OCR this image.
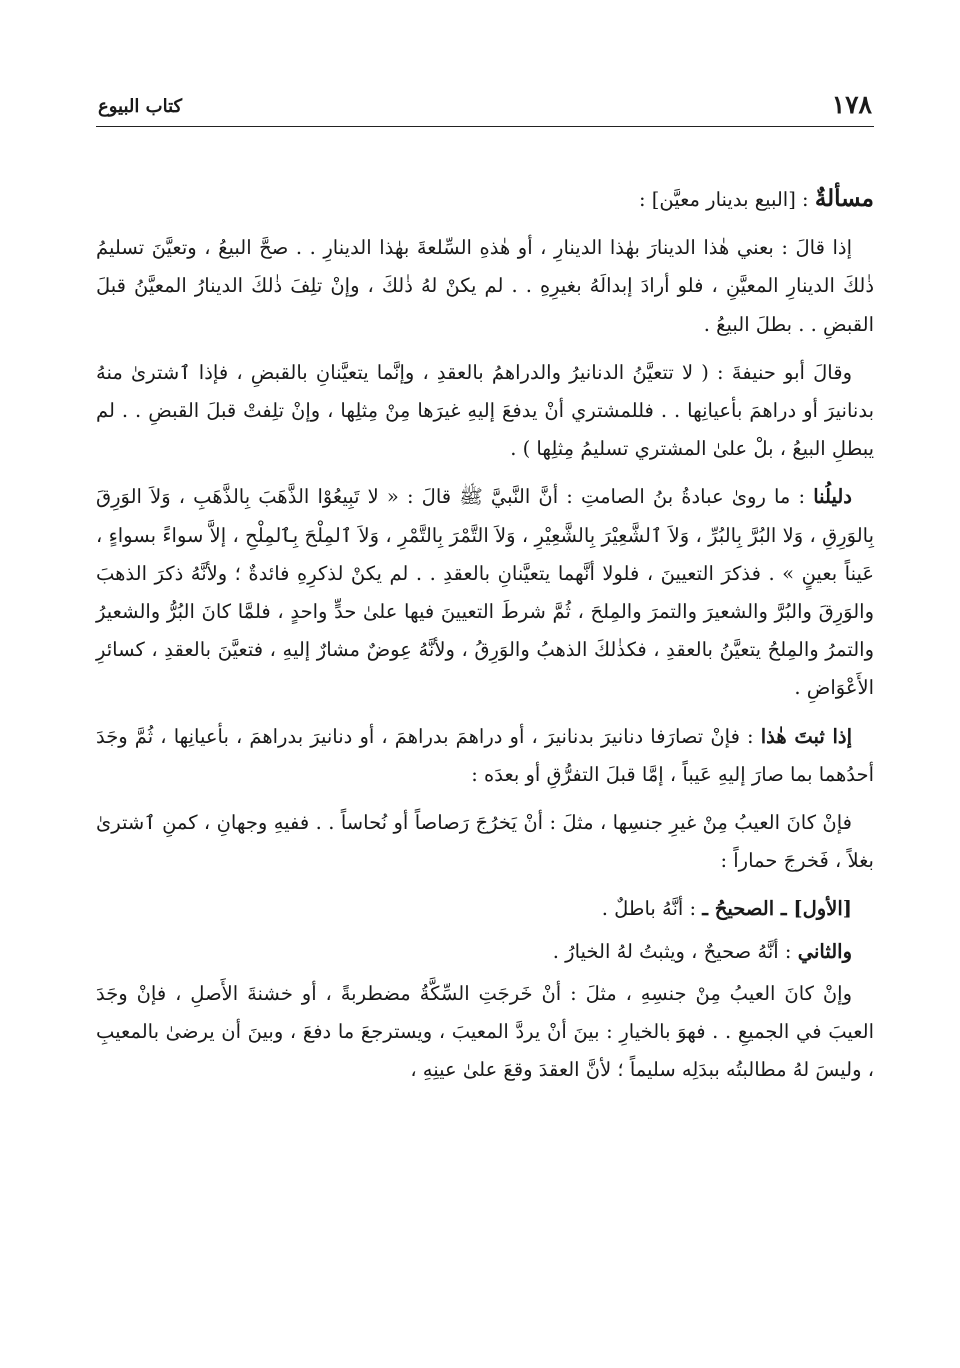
١٧٨
كتاب البيوع

مسألةٌ : [البيع بدينار معيَّن] :

إذا قالَ : بعني هٰذا الدينارَ بهٰذا الدينارِ ، أو هٰذهِ السِّلعةَ بهٰذا الدينارِ . . صحَّ البيعُ ، وتعيَّنَ تسليمُ ذٰلكَ الدينارِ المعيَّنِ ، فلو أرادَ إبدالَهُ بغيرِهِ . . لم يكنْ لهُ ذٰلكَ ، وإنْ تلِفَ ذٰلكَ الدينارُ المعيَّنُ قبلَ القبضِ . . بطلَ البيعُ .

وقالَ أبو حنيفةَ : ( لا تتعيَّنُ الدنانيرُ والدراهمُ بالعقدِ ، وإنَّما يتعيَّنانِ بالقبضِ ، فإذا ٱشترىٰ منهُ بدنانيرَ أو دراهمَ بأعيانِها . . فللمشتري أنْ يدفعَ إليهِ غيرَها مِنْ مِثلِها ، وإنْ تلِفتْ قبلَ القبضِ . . لم يبطلِ البيعُ ، بلْ علىٰ المشتري تسليمُ مِثلِها ) .

دليلُنا : ما روىٰ عبادةُ بنُ الصامتِ : أنَّ النَّبيَّ ﷺ قالَ : « لا تَبِيعُوْا الذَّهَبَ بِالذَّهَبِ ، وَلاَ الوَرِقَ بِالوَرِقِ ، وَلا البُرَّ بِالبُرِّ ، وَلاَ ٱلشَّعِيْرَ بِالشَّعِيْرِ ، وَلاَ التَّمْرَ بِالتَّمْرِ ، وَلاَ ٱلمِلْحَ بِٱلمِلْحِ ، إلاَّ سواءً بسواءٍ ، عَيناً بعينٍ » . فذكرَ التعيينَ ، فلولا أنَّهما يتعيَّنانِ بالعقدِ . . لم يكنْ لذكرِهِ فائدةٌ ؛ ولأنَّهُ ذكرَ الذهبَ والوَرِقَ والبُرَّ والشعيرَ والتمرَ والمِلحَ ، ثُمَّ شرطَ التعيينَ فيها علىٰ حدٍّ واحدٍ ، فلمَّا كانَ البُرُّ والشعيرُ والتمرُ والمِلحُ يتعيَّنُ بالعقدِ ، فكذٰلكَ الذهبُ والوَرِقُ ، ولأنَّهُ عِوضٌ مشارٌ إليهِ ، فتعيَّنَ بالعقدِ ، كسائرِ الأَعْوَاضِ .

إذا ثبتَ هٰذا : فإنْ تصارَفا دنانيرَ بدنانيرَ ، أو دراهمَ بدراهمَ ، أو دنانيرَ بدراهمَ ، بأعيانِها ، ثُمَّ وجَدَ أحدُهما بما صارَ إليهِ عَيباً ، إمَّا قبلَ التفرُّقِ أو بعدَه :

فإنْ كانَ العيبُ مِنْ غيرِ جنسِها ، مثلَ : أنْ يَخرُجَ رَصاصاً أو نُحاساً . . ففيهِ وجهانِ ، كمنِ ٱشترىٰ بغلاً ، فَخرجَ حماراً :

[الأول] ـ الصحيحُ ـ : أنَّهُ باطلٌ .

والثاني : أنَّهُ صحيحٌ ، ويثبتُ لهُ الخيارُ .

وإنْ كانَ العيبُ مِنْ جنسِهِ ، مثلَ : أنْ خَرجَتِ السِّكَّةُ مضطربةً ، أو خشنةَ الأَصلِ ، فإنْ وجَدَ العيبَ في الجميعِ . . فهوَ بالخيارِ : بينَ أنْ يردَّ المعيبَ ، ويسترجعَ ما دفعَ ، وبينَ أن يرضىٰ بالمعيبِ ، وليسَ لهُ مطالبتُه ببدَلِه سليماً ؛ لأنَّ العقدَ وقعَ علىٰ عينِهِ ،
